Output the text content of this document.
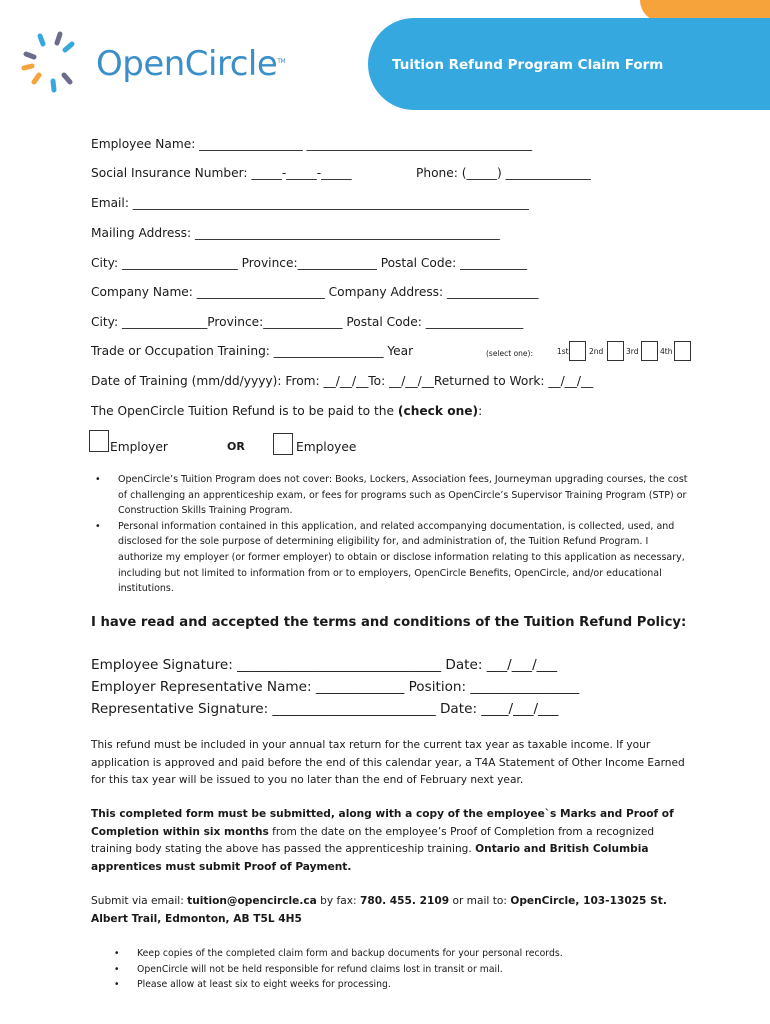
Tuition Refund Program Claim Form
OpenCircle™
Employee Name: _________________ _____________________________________
Social Insurance Number: _____-_____-_____	Phone: (_____) ______________
Email: _________________________________________________________________
Mailing Address: __________________________________________________
City: ___________________ Province:_____________ Postal Code: ___________
Company Name: _____________________ Company Address: _______________
City: ______________Province:_____________ Postal Code: ________________
Trade or Occupation Training: __________________ Year	(select one):	1st	2nd	3rd	4th
Date of Training (mm/dd/yyyy): From: __/__/__To: __/__/__Returned to Work: __/__/__
The OpenCircle Tuition Refund is to be paid to the (check one):
Employer	OR	Employee
• OpenCircle’s Tuition Program does not cover: Books, Lockers, Association fees, Journeyman upgrading courses, the cost of challenging an apprenticeship exam, or fees for programs such as OpenCircle’s Supervisor Training Program (STP) or Construction Skills Training Program.
• Personal information contained in this application, and related accompanying documentation, is collected, used, and disclosed for the sole purpose of determining eligibility for, and administration of, the Tuition Refund Program. I authorize my employer (or former employer) to obtain or disclose information relating to this application as necessary, including but not limited to information from or to employers, OpenCircle Benefits, OpenCircle, and/or educational institutions.
I have read and accepted the terms and conditions of the Tuition Refund Policy:
Employee Signature: ______________________________ Date: ___/___/___
Employer Representative Name: _____________ Position: ________________
Representative Signature: ________________________ Date: ____/___/___
This refund must be included in your annual tax return for the current tax year as taxable income. If your application is approved and paid before the end of this calendar year, a T4A Statement of Other Income Earned for this tax year will be issued to you no later than the end of February next year.
This completed form must be submitted, along with a copy of the employee`s Marks and Proof of Completion within six months from the date on the employee’s Proof of Completion from a recognized training body stating the above has passed the apprenticeship training. Ontario and British Columbia apprentices must submit Proof of Payment.
Submit via email: tuition@opencircle.ca by fax: 780. 455. 2109 or mail to: OpenCircle, 103-13025 St. Albert Trail, Edmonton, AB T5L 4H5
• Keep copies of the completed claim form and backup documents for your personal records.
• OpenCircle will not be held responsible for refund claims lost in transit or mail.
• Please allow at least six to eight weeks for processing.
